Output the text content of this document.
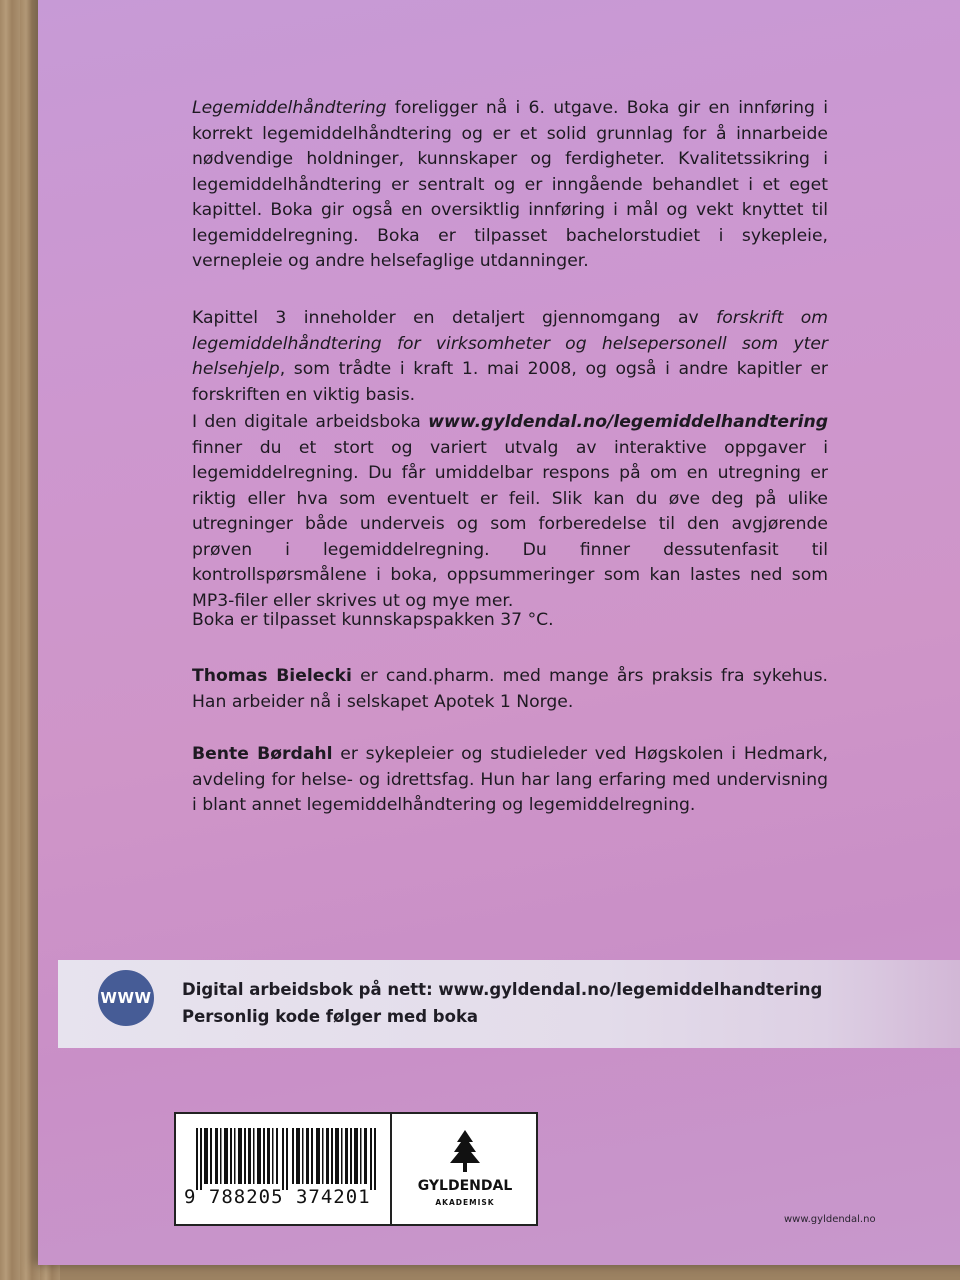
Legemiddelhåndtering foreligger nå i 6. utgave. Boka gir en innføring i korrekt legemiddelhåndtering og er et solid grunnlag for å innarbeide nødvendige holdninger, kunnskaper og ferdigheter. Kvalitetssikring i legemiddelhåndtering er sentralt og er inngående behandlet i et eget kapittel. Boka gir også en oversiktlig innføring i mål og vekt knyttet til legemiddelregning. Boka er tilpasset bachelorstudiet i sykepleie, vernepleie og andre helsefaglige utdanninger.

Kapittel 3 inneholder en detaljert gjennomgang av forskrift om legemiddelhåndtering for virksomheter og helsepersonell som yter helsehjelp, som trådte i kraft 1. mai 2008, og også i andre kapitler er forskriften en viktig basis.

I den digitale arbeidsboka www.gyldendal.no/legemiddelhandtering finner du et stort og variert utvalg av interaktive oppgaver i legemiddelregning. Du får umiddelbar respons på om en utregning er riktig eller hva som eventuelt er feil. Slik kan du øve deg på ulike utregninger både underveis og som forberedelse til den avgjørende prøven i legemiddelregning. Du finner dessutenfasit til kontrollspørsmålene i boka, oppsummeringer som kan lastes ned som MP3-filer eller skrives ut og mye mer.

Boka er tilpasset kunnskapspakken 37 °C.

Thomas Bielecki er cand.pharm. med mange års praksis fra sykehus. Han arbeider nå i selskapet Apotek 1 Norge.

Bente Børdahl er sykepleier og studieleder ved Høgskolen i Hedmark, avdeling for helse- og idrettsfag. Hun har lang erfaring med undervisning i blant annet legemiddelhåndtering og legemiddelregning.

WWW Digital arbeidsbok på nett: www.gyldendal.no/legemiddelhandtering
Personlig kode følger med boka
9 788205 374201	GYLDENDAL
AKADEMISK
www.gyldendal.no
